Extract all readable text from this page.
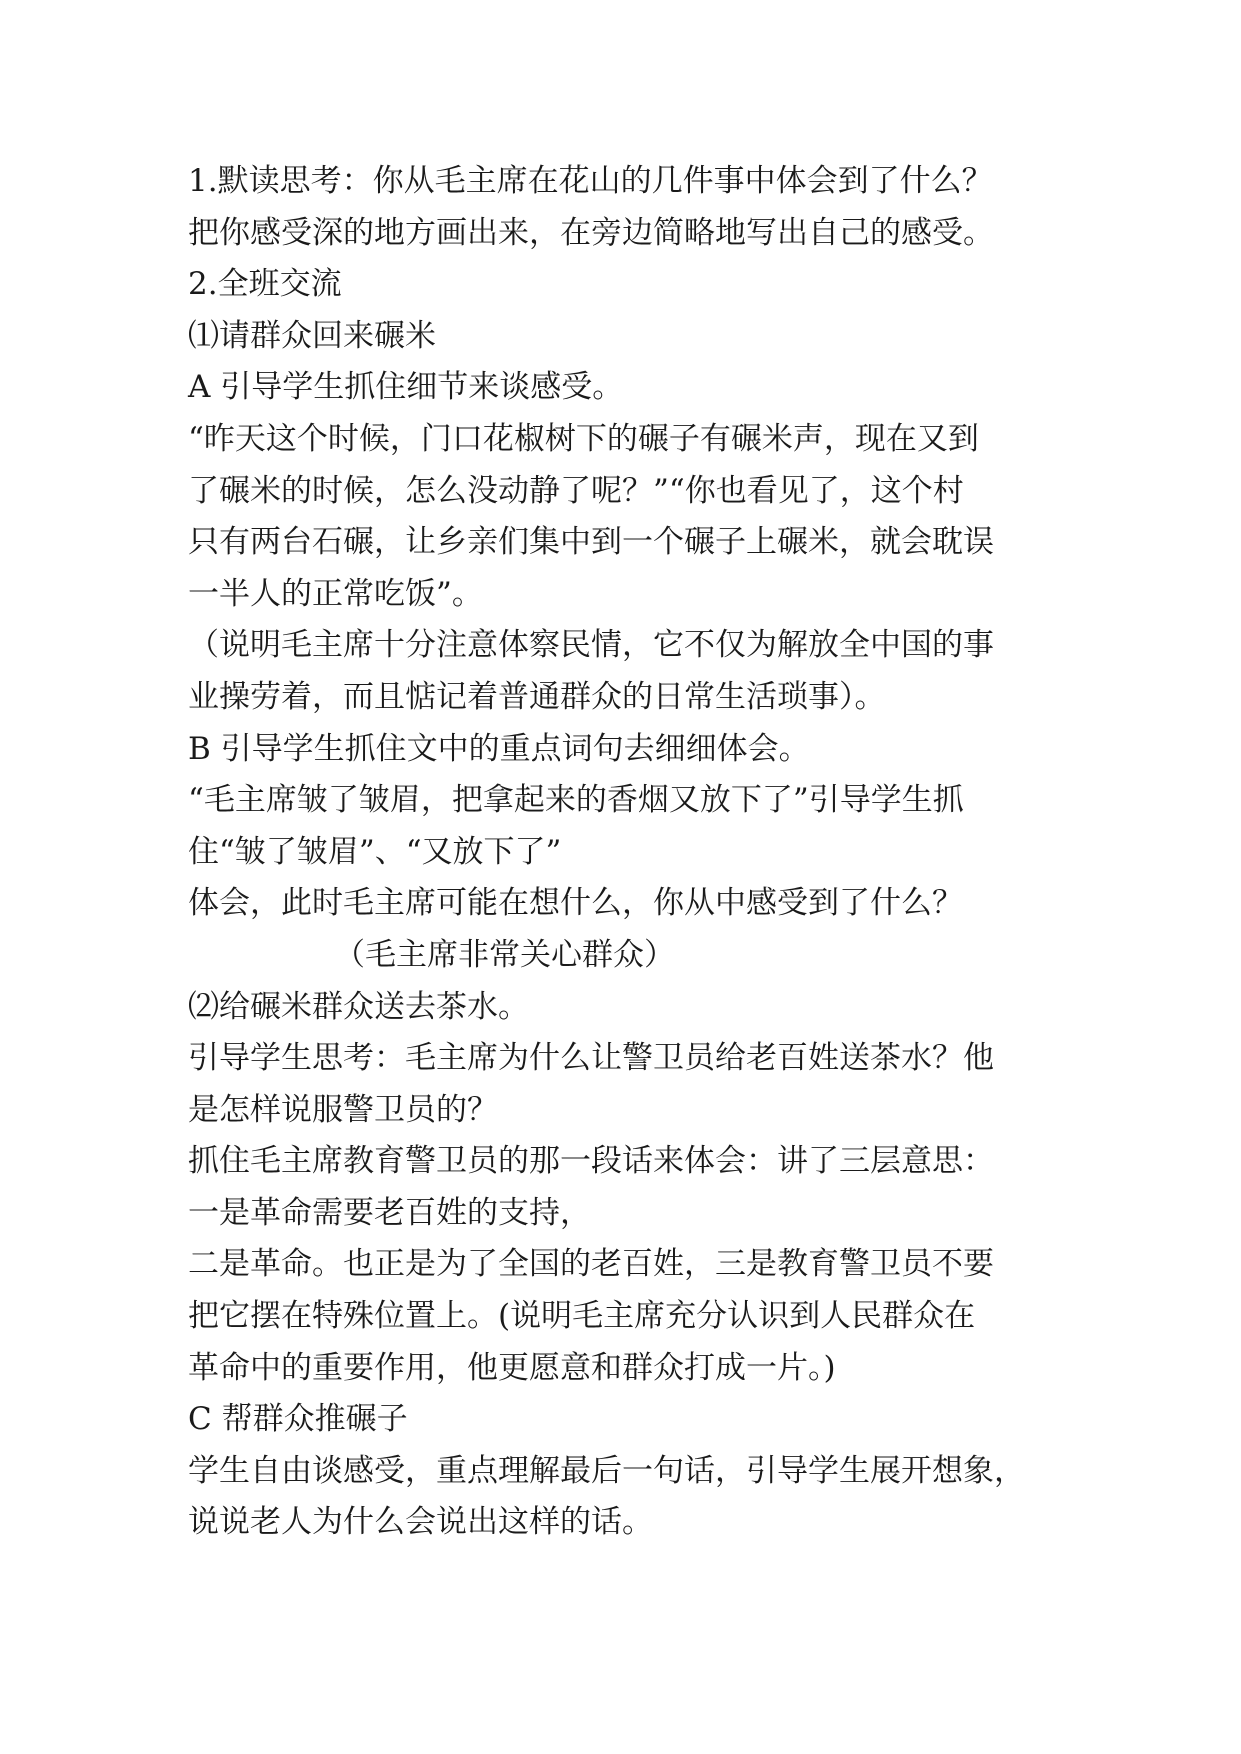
1.默读思考：你从毛主席在花山的几件事中体会到了什么？
把你感受深的地方画出来，在旁边简略地写出自己的感受。
2.全班交流
⑴请群众回来碾米
A 引导学生抓住细节来谈感受。
“昨天这个时候，门口花椒树下的碾子有碾米声，现在又到
了碾米的时候，怎么没动静了呢？”“你也看见了，这个村
只有两台石碾，让乡亲们集中到一个碾子上碾米，就会耽误
一半人的正常吃饭”。
（说明毛主席十分注意体察民情，它不仅为解放全中国的事
业操劳着，而且惦记着普通群众的日常生活琐事）。
B 引导学生抓住文中的重点词句去细细体会。
“毛主席皱了皱眉，把拿起来的香烟又放下了”引导学生抓
住“皱了皱眉”、“又放下了”
体会，此时毛主席可能在想什么，你从中感受到了什么？
（毛主席非常关心群众）
⑵给碾米群众送去茶水。
引导学生思考：毛主席为什么让警卫员给老百姓送茶水？他
是怎样说服警卫员的？
抓住毛主席教育警卫员的那一段话来体会：讲了三层意思：
一是革命需要老百姓的支持，
二是革命。也正是为了全国的老百姓，三是教育警卫员不要
把它摆在特殊位置上。(说明毛主席充分认识到人民群众在
革命中的重要作用，他更愿意和群众打成一片。)
C 帮群众推碾子
学生自由谈感受，重点理解最后一句话，引导学生展开想象，
说说老人为什么会说出这样的话。
